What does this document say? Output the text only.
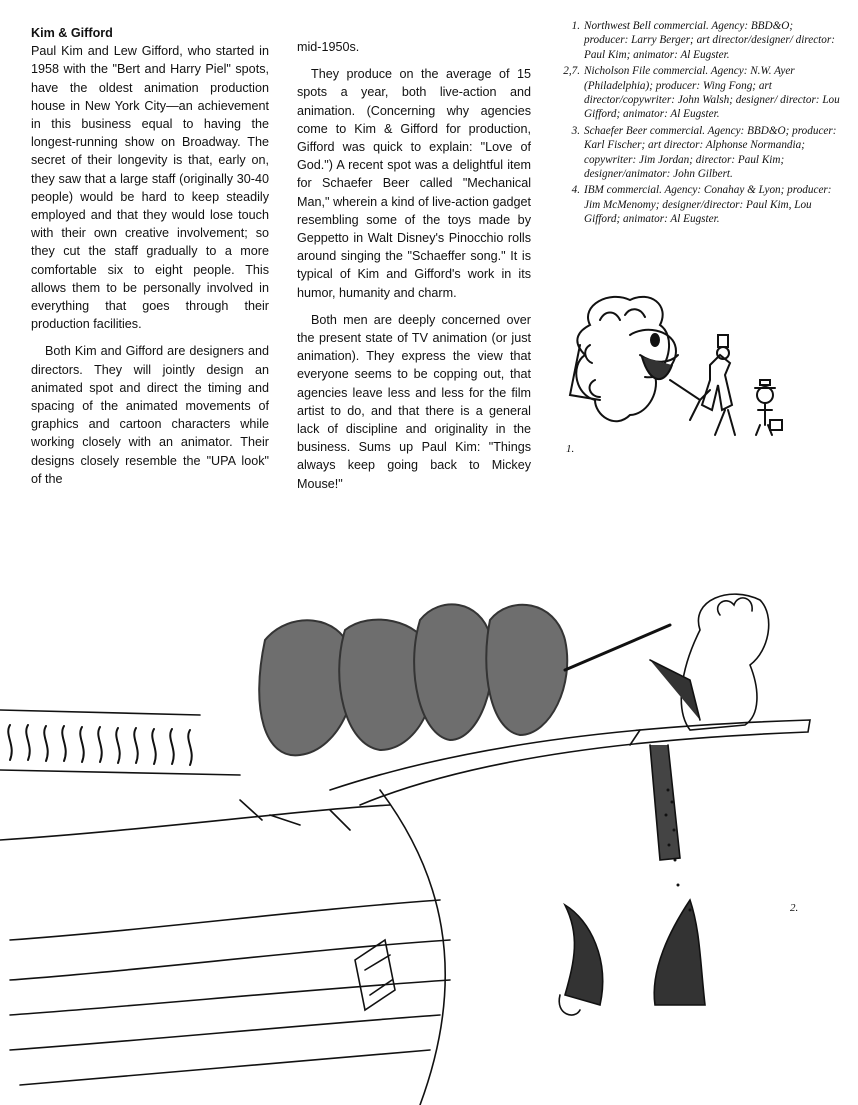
Kim & Gifford

Paul Kim and Lew Gifford, who started in 1958 with the "Bert and Harry Piel" spots, have the oldest animation production house in New York City—an achievement in this business equal to having the longest-running show on Broadway. The secret of their longevity is that, early on, they saw that a large staff (originally 30-40 people) would be hard to keep steadily employed and that they would lose touch with their own creative involvement; so they cut the staff gradually to a more comfortable six to eight people. This allows them to be personally involved in everything that goes through their production facilities.

Both Kim and Gifford are designers and directors. They will jointly design an animated spot and direct the timing and spacing of the animated movements of graphics and cartoon characters while working closely with an animator. Their designs closely resemble the "UPA look" of the

mid-1950s.

They produce on the average of 15 spots a year, both live-action and animation. (Concerning why agencies come to Kim & Gifford for production, Gifford was quick to explain: "Love of God.") A recent spot was a delightful item for Schaefer Beer called "Mechanical Man," wherein a kind of live-action gadget resembling some of the toys made by Geppetto in Walt Disney's Pinocchio rolls around singing the "Schaeffer song." It is typical of Kim and Gifford's work in its humor, humanity and charm.

Both men are deeply concerned over the present state of TV animation (or just animation). They express the view that everyone seems to be copping out, that agencies leave less and less for the film artist to do, and that there is a general lack of discipline and originality in the business. Sums up Paul Kim: "Things always keep going back to Mickey Mouse!"

1. Northwest Bell commercial. Agency: BBD&O; producer: Larry Berger; art director/designer/ director: Paul Kim; animator: Al Eugster.
2,7. Nicholson File commercial. Agency: N.W. Ayer (Philadelphia); producer: Wing Fong; art director/copywriter: John Walsh; designer/ director: Lou Gifford; animator: Al Eugster.
3. Schaefer Beer commercial. Agency: BBD&O; producer: Karl Fischer; art director: Alphonse Normandia; copywriter: Jim Jordan; director: Paul Kim; designer/animator: John Gilbert.
4. IBM commercial. Agency: Conahay & Lyon; producer: Jim McMenomy; designer/director: Paul Kim, Lou Gifford; animator: Al Eugster.
1.
2.
